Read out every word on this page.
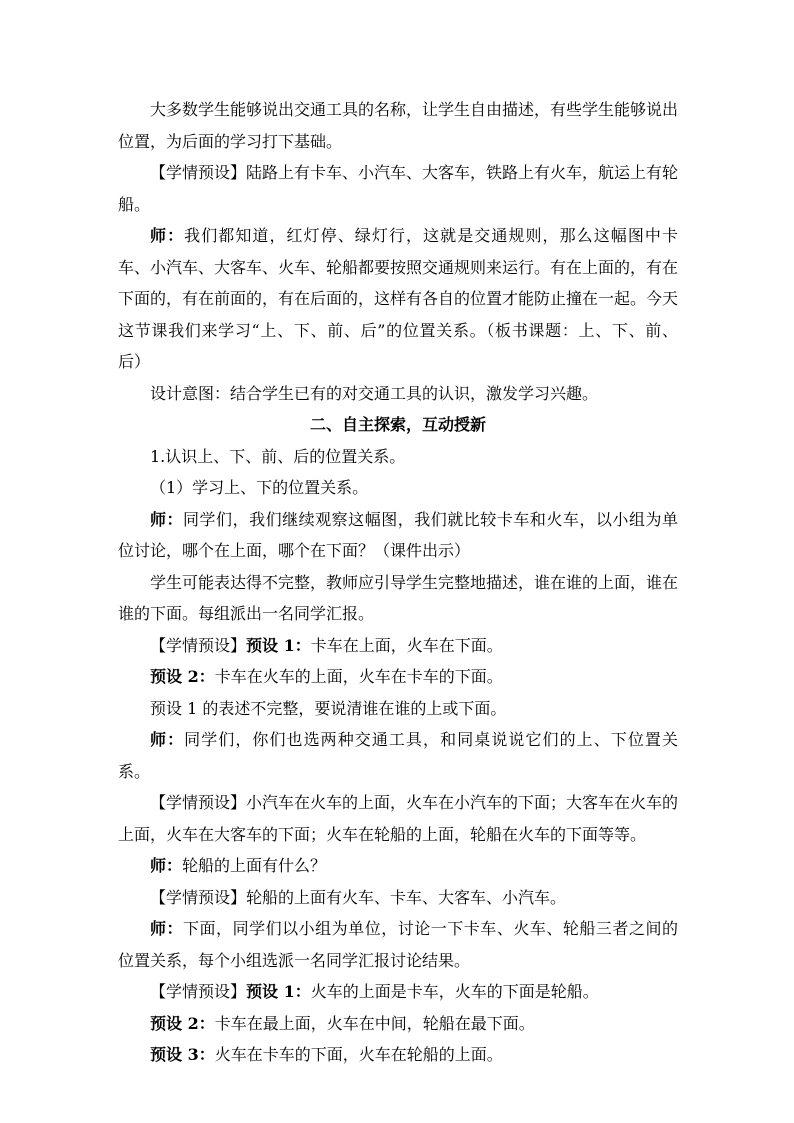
大多数学生能够说出交通工具的名称，让学生自由描述，有些学生能够说出位置，为后面的学习打下基础。

【学情预设】陆路上有卡车、小汽车、大客车，铁路上有火车，航运上有轮船。

师：我们都知道，红灯停、绿灯行，这就是交通规则，那么这幅图中卡车、小汽车、大客车、火车、轮船都要按照交通规则来运行。有在上面的，有在下面的，有在前面的，有在后面的，这样有各自的位置才能防止撞在一起。今天这节课我们来学习“上、下、前、后”的位置关系。（板书课题：上、下、前、后）

设计意图：结合学生已有的对交通工具的认识，激发学习兴趣。

二、自主探索，互动授新

1.认识上、下、前、后的位置关系。

（1）学习上、下的位置关系。

师：同学们，我们继续观察这幅图，我们就比较卡车和火车，以小组为单位讨论，哪个在上面，哪个在下面？（课件出示）

学生可能表达得不完整，教师应引导学生完整地描述，谁在谁的上面，谁在谁的下面。每组派出一名同学汇报。

【学情预设】预设 1：卡车在上面，火车在下面。

预设 2：卡车在火车的上面，火车在卡车的下面。

预设 1 的表述不完整，要说清谁在谁的上或下面。

师：同学们，你们也选两种交通工具，和同桌说说它们的上、下位置关系。

【学情预设】小汽车在火车的上面，火车在小汽车的下面；大客车在火车的上面，火车在大客车的下面；火车在轮船的上面，轮船在火车的下面等等。

师：轮船的上面有什么？

【学情预设】轮船的上面有火车、卡车、大客车、小汽车。

师：下面，同学们以小组为单位，讨论一下卡车、火车、轮船三者之间的位置关系，每个小组选派一名同学汇报讨论结果。

【学情预设】预设 1：火车的上面是卡车，火车的下面是轮船。

预设 2：卡车在最上面，火车在中间，轮船在最下面。

预设 3：火车在卡车的下面，火车在轮船的上面。
